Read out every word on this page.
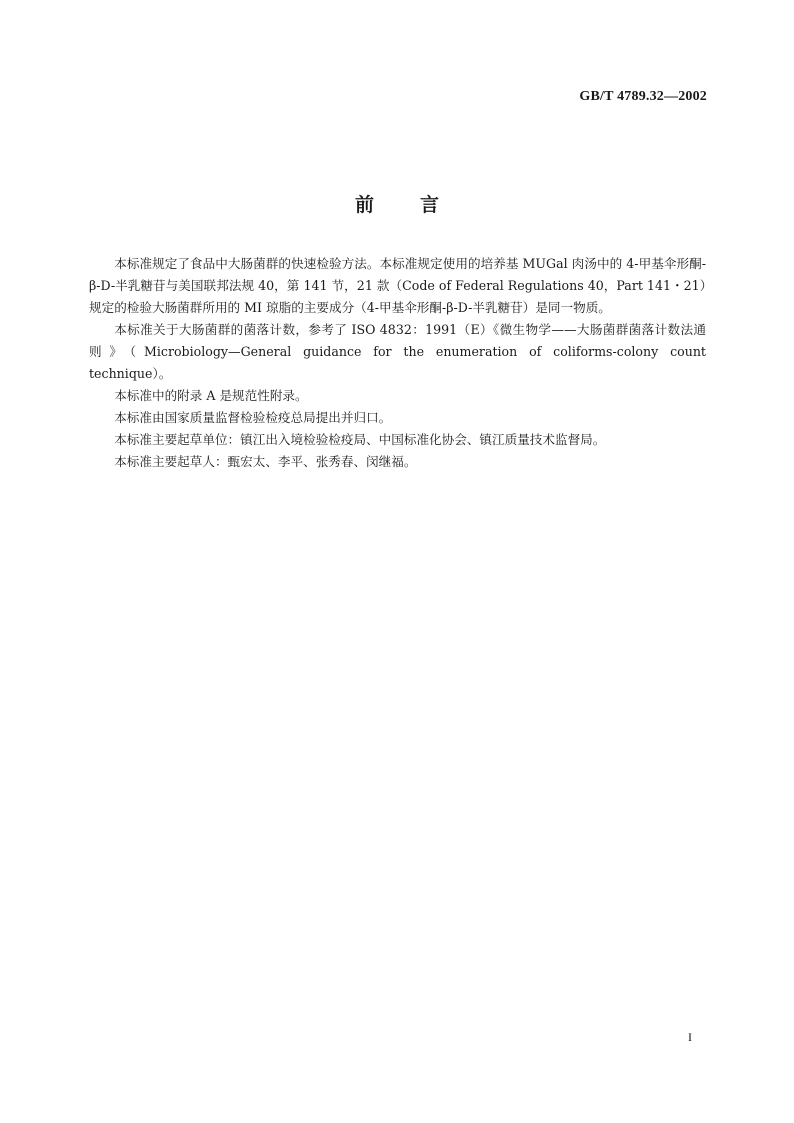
GB/T 4789.32—2002
前言

本标准规定了食品中大肠菌群的快速检验方法。本标准规定使用的培养基 MUGal 肉汤中的 4-甲基伞形酮-β-D-半乳糖苷与美国联邦法规 40，第 141 节，21 款（Code of Federal Regulations 40，Part 141・21）规定的检验大肠菌群所用的 MI 琼脂的主要成分（4-甲基伞形酮-β-D-半乳糖苷）是同一物质。

本标准关于大肠菌群的菌落计数，参考了 ISO 4832：1991（E）《微生物学——大肠菌群菌落计数法通则》（Microbiology—General guidance for the enumeration of coliforms-colony count technique）。

本标准中的附录 A 是规范性附录。

本标准由国家质量监督检验检疫总局提出并归口。

本标准主要起草单位：镇江出入境检验检疫局、中国标准化协会、镇江质量技术监督局。

本标准主要起草人：甄宏太、李平、张秀春、闵继福。

I
